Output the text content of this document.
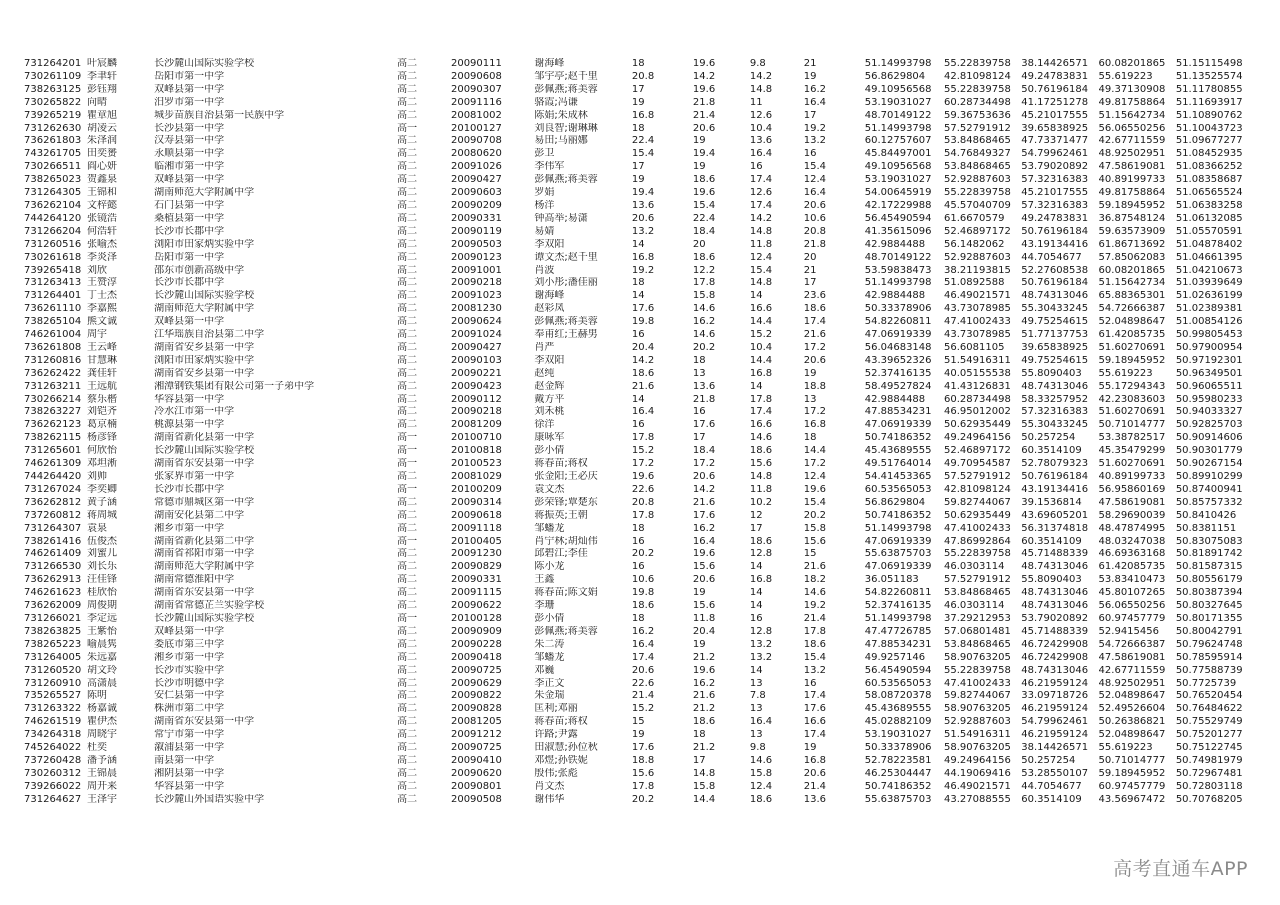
731264201	叶宸麟	长沙麓山国际实验学校	高二	20090111	谢海峰	18	19.6	9.8	21	51.14993798	55.22839758	38.14426571	60.08201865	51.15115498
730261109	李聿轩	岳阳市第一中学	高二	20090608	邹宇亭;赵千里	20.8	14.2	14.2	19	56.8629804	42.81098124	49.24783831	55.619223	51.13525574
738263125	彭钰翔	双峰县第一中学	高二	20090307	彭佩燕;蒋美蓉	17	19.6	14.8	16.2	49.10956568	55.22839758	50.76196184	49.37130908	51.11780855
730265822	向晴	汨罗市第一中学	高二	20091116	骆霞;冯谦	19	21.8	11	16.4	53.19031027	60.28734498	41.17251278	49.81758864	51.11693917
739265219	瞿章旭	城步苗族自治县第一民族中学	高二	20081002	陈娟;朱成林	16.8	21.4	12.6	17	48.70149122	59.36753636	45.21017555	51.15642734	51.10890762
731262630	胡凌云	长沙县第一中学	高一	20100127	刘良智;谢琳琳	18	20.6	10.4	19.2	51.14993798	57.52791912	39.65838925	56.06550256	51.10043723
736261803	朱泽润	汉寿县第一中学	高二	20090708	易田;马丽娜	22.4	19	13.6	13.2	60.12757607	53.84868465	47.73371477	42.67711559	51.09677277
743261705	田奕赟	永顺县第一中学	高二	20080620	彭卫	15.4	19.4	16.4	16	45.84497001	54.76849327	54.79962461	48.92502951	51.08452935
730266511	阎心妍	临湘市第一中学	高二	20091026	李伟军	17	19	16	15.4	49.10956568	53.84868465	53.79020892	47.58619081	51.08366252
738265023	贺鑫泉	双峰县第一中学	高二	20090427	彭佩燕;蒋美蓉	19	18.6	17.4	12.4	53.19031027	52.92887603	57.32316383	40.89199733	51.08358687
731264305	王锦和	湖南师范大学附属中学	高二	20090603	罗娟	19.4	19.6	12.6	16.4	54.00645919	55.22839758	45.21017555	49.81758864	51.06565524
736262104	文梓懿	石门县第一中学	高二	20090209	杨洋	13.6	15.4	17.4	20.6	42.17229988	45.57040709	57.32316383	59.18945952	51.06383258
744264120	张镜浩	桑植县第一中学	高二	20090331	钟高举;易潇	20.6	22.4	14.2	10.6	56.45490594	61.6670579	49.24783831	36.87548124	51.06132085
731266204	何浩轩	长沙市长郡中学	高二	20090119	易婧	13.2	18.4	14.8	20.8	41.35615096	52.46897172	50.76196184	59.63573909	51.05570591
731260516	张喻杰	浏阳市田家炳实验中学	高二	20090503	李双阳	14	20	11.8	21.8	42.9884488	56.1482062	43.19134416	61.86713692	51.04878402
730261618	李炎泽	岳阳市第一中学	高二	20090123	谭文杰;赵千里	16.8	18.6	12.4	20	48.70149122	52.92887603	44.7054677	57.85062083	51.04661395
739265418	刘欣	邵东市创新高级中学	高二	20091001	肖波	19.2	12.2	15.4	21	53.59838473	38.21193815	52.27608538	60.08201865	51.04210673
731263413	王赞淳	长沙市长郡中学	高二	20090218	刘小彤;潘佳丽	18	17.8	14.8	17	51.14993798	51.0892588	50.76196184	51.15642734	51.03939649
731264401	丁士杰	长沙麓山国际实验学校	高二	20091023	谢海峰	14	15.8	14	23.6	42.9884488	46.49021571	48.74313046	65.88365301	51.02636199
736261110	李嘉熙	湖南师范大学附属中学	高二	20081230	赵彩凤	17.6	14.6	16.6	18.6	50.33378906	43.73078985	55.30433245	54.72666387	51.02389381
738265104	熊文诚	双峰县第一中学	高二	20090624	彭佩燕;蒋美蓉	19.8	16.2	14.4	17.4	54.82260811	47.41002433	49.75254615	52.04898647	51.00854126
746261004	周宇	江华瑶族自治县第二中学	高二	20091024	奉甫红;王赫男	16	14.6	15.2	21.6	47.06919339	43.73078985	51.77137753	61.42085735	50.99805453
736261808	王云峰	湖南省安乡县第一中学	高二	20090427	肖严	20.4	20.2	10.4	17.2	56.04683148	56.6081105	39.65838925	51.60270691	50.97900954
731260816	甘慧琳	浏阳市田家炳实验中学	高二	20090103	李双阳	14.2	18	14.4	20.6	43.39652326	51.54916311	49.75254615	59.18945952	50.97192301
736262422	龚佳轩	湖南省安乡县第一中学	高二	20090221	赵纯	18.6	13	16.8	19	52.37416135	40.05155538	55.8090403	55.619223	50.96349501
731263211	王远航	湘潭钢铁集团有限公司第一子弟中学	高二	20090423	赵金辉	21.6	13.6	14	18.8	58.49527824	41.43126831	48.74313046	55.17294343	50.96065511
730266214	蔡乐楷	华容县第一中学	高二	20090112	戴方平	14	21.8	17.8	13	42.9884488	60.28734498	58.33257952	42.23083603	50.95980233
738263227	刘铠齐	冷水江市第一中学	高二	20090218	刘禾桃	16.4	16	17.4	17.2	47.88534231	46.95012002	57.32316383	51.60270691	50.94033327
736262123	葛京楠	桃源县第一中学	高二	20081209	徐洋	16	17.6	16.6	16.8	47.06919339	50.62935449	55.30433245	50.71014777	50.92825703
738262115	杨彦锋	湖南省新化县第一中学	高一	20100710	康咏军	17.8	17	14.6	18	50.74186352	49.24964156	50.257254	53.38782517	50.90914606
731265601	何欣怡	长沙麓山国际实验学校	高一	20100818	彭小倩	15.2	18.4	18.6	14.4	45.43689555	52.46897172	60.3514109	45.35479299	50.90301779
746261309	邓坦淅	湖南省东安县第一中学	高一	20100523	蒋春苗;蒋权	17.2	17.2	15.6	17.2	49.51764014	49.70954587	52.78079323	51.60270691	50.90267154
744264420	刘帅	张家界市第一中学	高二	20081029	张金阳;王必庆	19.6	20.6	14.8	12.4	54.41453365	57.52791912	50.76196184	40.89199733	50.89910299
731267024	李奕卿	长沙市长郡中学	高一	20100209	袁文杰	22.6	14.2	11.8	19.6	60.53565053	42.81098124	43.19134416	56.95860169	50.87400941
736262812	黄子涵	常德市鼎城区第一中学	高二	20090314	彭荣锋;覃楚东	20.8	21.6	10.2	15.4	56.8629804	59.82744067	39.1536814	47.58619081	50.85757332
737260812	蒋周城	湖南安化县第二中学	高二	20090618	蒋振英;王朝	17.8	17.6	12	20.2	50.74186352	50.62935449	43.69605201	58.29690039	50.8410426
731264307	袁泉	湘乡市第一中学	高二	20091118	邹蟠龙	18	16.2	17	15.8	51.14993798	47.41002433	56.31374818	48.47874995	50.8381151
738261416	伍俊杰	湖南省新化县第二中学	高一	20100405	肖宁林;胡灿伟	16	16.4	18.6	15.6	47.06919339	47.86992864	60.3514109	48.03247038	50.83075083
746261409	刘蜜儿	湖南省祁阳市第一中学	高二	20091230	邱碧江;李佳	20.2	19.6	12.8	15	55.63875703	55.22839758	45.71488339	46.69363168	50.81891742
731266530	刘长乐	湖南师范大学附属中学	高二	20090829	陈小龙	16	15.6	14	21.6	47.06919339	46.0303114	48.74313046	61.42085735	50.81587315
736262913	汪佳锋	湖南常德淮阳中学	高二	20090331	王鑫	10.6	20.6	16.8	18.2	36.051183	57.52791912	55.8090403	53.83410473	50.80556179
746261623	桂欣怡	湖南省东安县第一中学	高二	20091115	蒋春苗;陈文娟	19.8	19	14	14.6	54.82260811	53.84868465	48.74313046	45.80107265	50.80387394
736262009	周俊期	湖南省常德芷兰实验学校	高二	20090622	李珊	18.6	15.6	14	19.2	52.37416135	46.0303114	48.74313046	56.06550256	50.80327645
731266021	李定远	长沙麓山国际实验学校	高一	20100128	彭小倩	18	11.8	16	21.4	51.14993798	37.29212953	53.79020892	60.97457779	50.80171355
738263825	王紫怡	双峰县第一中学	高二	20090909	彭佩燕;蒋美蓉	16.2	20.4	12.8	17.8	47.47726785	57.06801481	45.71488339	52.9415456	50.80042791
738265223	喻晨隽	娄底市第三中学	高二	20090228	朱二涛	16.4	19	13.2	18.6	47.88534231	53.84868465	46.72429908	54.72666387	50.79624748
731264005	朱远嘉	湘乡市第一中学	高二	20090418	邹蟠龙	17.4	21.2	13.2	15.4	49.9257146	58.90763205	46.72429908	47.58619081	50.78595914
731260520	胡文玲	长沙市实验中学	高二	20090725	邓巍	20.6	19.6	14	13.2	56.45490594	55.22839758	48.74313046	42.67711559	50.77588739
731260910	高潇晨	长沙市明德中学	高二	20090629	李正文	22.6	16.2	13	16	60.53565053	47.41002433	46.21959124	48.92502951	50.7725739
735265527	陈明	安仁县第一中学	高二	20090822	朱金瑞	21.4	21.6	7.8	17.4	58.08720378	59.82744067	33.09718726	52.04898647	50.76520454
731263322	杨嘉诚	株洲市第二中学	高二	20090828	匡利;邓丽	15.2	21.2	13	17.6	45.43689555	58.90763205	46.21959124	52.49526604	50.76484622
746261519	瞿伊杰	湖南省东安县第一中学	高二	20081205	蒋春苗;蒋权	15	18.6	16.4	16.6	45.02882109	52.92887603	54.79962461	50.26386821	50.75529749
734264318	周晓宇	常宁市第一中学	高二	20091212	许路;尹露	19	18	13	17.4	53.19031027	51.54916311	46.21959124	52.04898647	50.75201277
745264022	杜奕	溆浦县第一中学	高二	20090725	田淑慧;孙位秋	17.6	21.2	9.8	19	50.33378906	58.90763205	38.14426571	55.619223	50.75122745
737260428	潘予涵	南县第一中学	高二	20090410	邓煜;孙铁妮	18.8	17	14.6	16.8	52.78223581	49.24964156	50.257254	50.71014777	50.74981979
730260312	王锦晨	湘阴县第一中学	高二	20090620	殷伟;张彪	15.6	14.8	15.8	20.6	46.25304447	44.19069416	53.28550107	59.18945952	50.72967481
739266022	周开来	华容县第一中学	高二	20090801	肖文杰	17.8	15.8	12.4	21.4	50.74186352	46.49021571	44.7054677	60.97457779	50.72803118
731264627	王泽宇	长沙麓山外国语实验中学	高二	20090508	谢伟华	20.2	14.4	18.6	13.6	55.63875703	43.27088555	60.3514109	43.56967472	50.70768205
高考直通车APP
